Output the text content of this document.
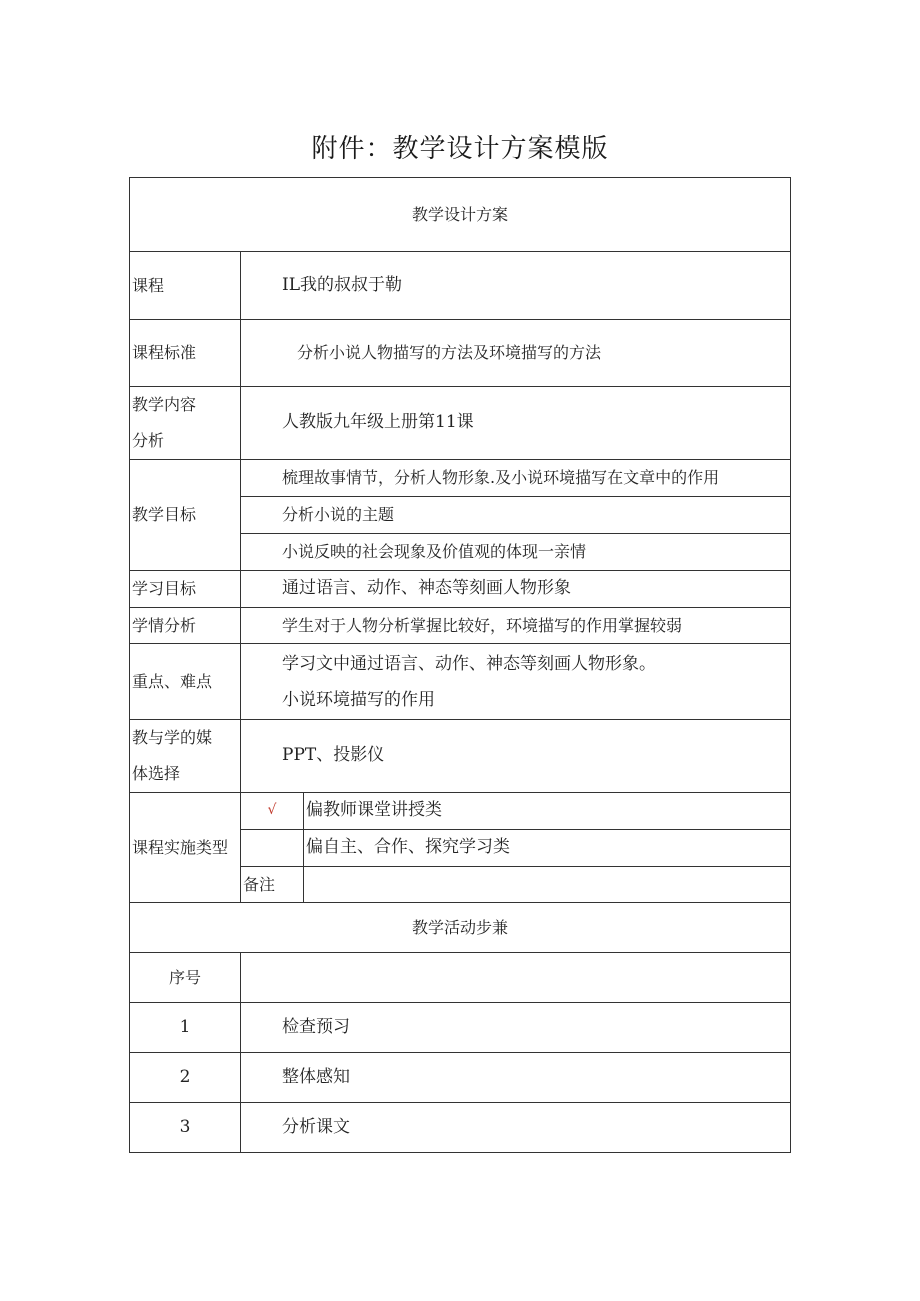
附件：教学设计方案模版
教学设计方案		
课程	IL我的叔叔于勒	
课程标准	分析小说人物描写的方法及环境描写的方法	

教学内容
分析	人教版九年级上册第11课	
教学目标	梳理故事情节，分析人物形象.及小说环境描写在文章中的作用	
	分析小说的主题	
	小说反映的社会现象及价值观的体现一亲情	
学习目标	通过语言、动作、神态等刻画人物形象	
学情分析	学生对于人物分析掌握比较好，环境描写的作用掌握较弱	
重点、难点	学习文中通过语言、动作、神态等刻画人物形象。
小说环境描写的作用	

教与学的媒
体选择	PPT、投影仪	
课程实施类型	√	偏教师课堂讲授类
		偏自主、合作、探究学习类
	备注	
教学活动步兼		
序号		
1	检查预习	
2	整体感知	
3	分析课文	
